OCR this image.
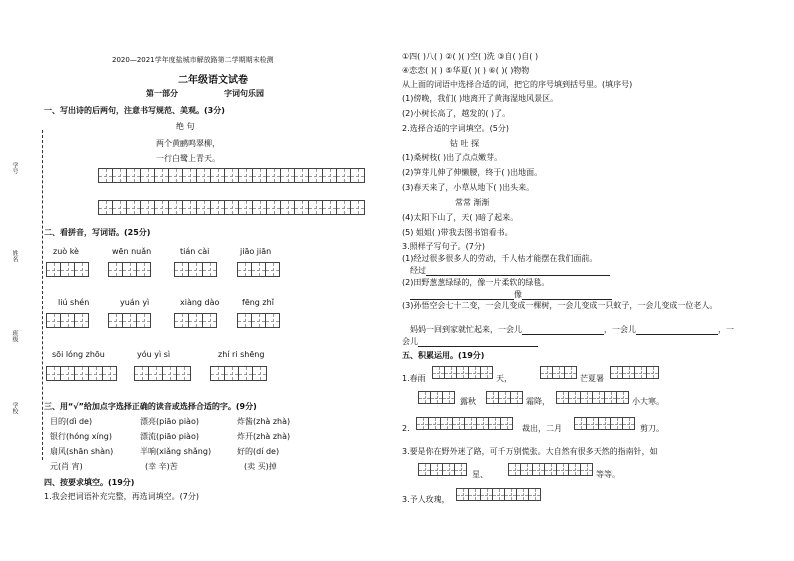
学号
姓名
班级
学校
2020—2021学年度盐城市解放路第二学期期末检测
二年级语文试卷
第一部分	字词句乐园
一、写出诗的后两句，注意书写规范、美观。(3分)
绝 句
两个黄鹂鸣翠柳，
一行白鹭上青天。
二、看拼音，写词语。(25分)
zuò kè	wēn nuǎn	tián cài	jiāo jiān
liú shén	yuán yì	xiàng dào	fēng zhǐ
sōi lóng zhōu	yóu yì sì	zhí ri shēng
三、用“√”给加点字选择正确的读音或选择合适的字。(9分)
目的(dì de)	漂亮(piāo piào)	炸酱(zhà zhà)
银行(hóng xíng)	漂流(piāo piào)	炸开(zhà zhà)
扇风(shān shàn)	半响(xiǎng shǎng)	好的(dí de)
元(肖 宵)	(幸 辛)苦	(卖 买)掉
四、按要求填空。(19分)
1.我会把词语补充完整，再选词填空。(7分)
①四( )八( ) ②( )( )空( )洗 ③自( )自( )
④恋恋( )( ) ⑤华夏( )( ) ⑥( )( )物物
从上面的词语中选择合适的词，把它的序号填到括号里。(填序号)
(1)傍晚，我们( )地离开了黄海湿地风景区。
(2)小树长高了，越发的( )了。
2.选择合适的字词填空。(5分)
钻 吐 探
(1)桑树枝( )出了点点嫩芽。
(2)笋芽儿伸了伸懒腰，终于( )出地面。
(3)春天来了，小草从地下( )出头来。
常常 渐渐
(4)太阳下山了，天( )暗了起来。
(5) 姐姐( )带我去图书馆看书。
3.照样子写句子。(7分)
(1)经过很多很多人的劳动，千人枯才能摆在我们面前。
经过
(2)田野葱葱绿绿的，像一片柔软的绿毯。
像
(3)孙悟空会七十二变，一会儿变成一棵树，一会儿变成一只蚊子，一会儿变成一位老人。
妈妈一回到家就忙起来，一会儿	，一会儿	，一
会儿
五、积累运用。(19分)
1.春雨	天，	芒夏暑
露秋	霜降，	小大寒。
2.	裁出，二月	剪刀。
3.要是你在野外迷了路，可千万别慌张。大自然有很多天然的指南针，如
星、	等等。
3.予人玫瑰，
